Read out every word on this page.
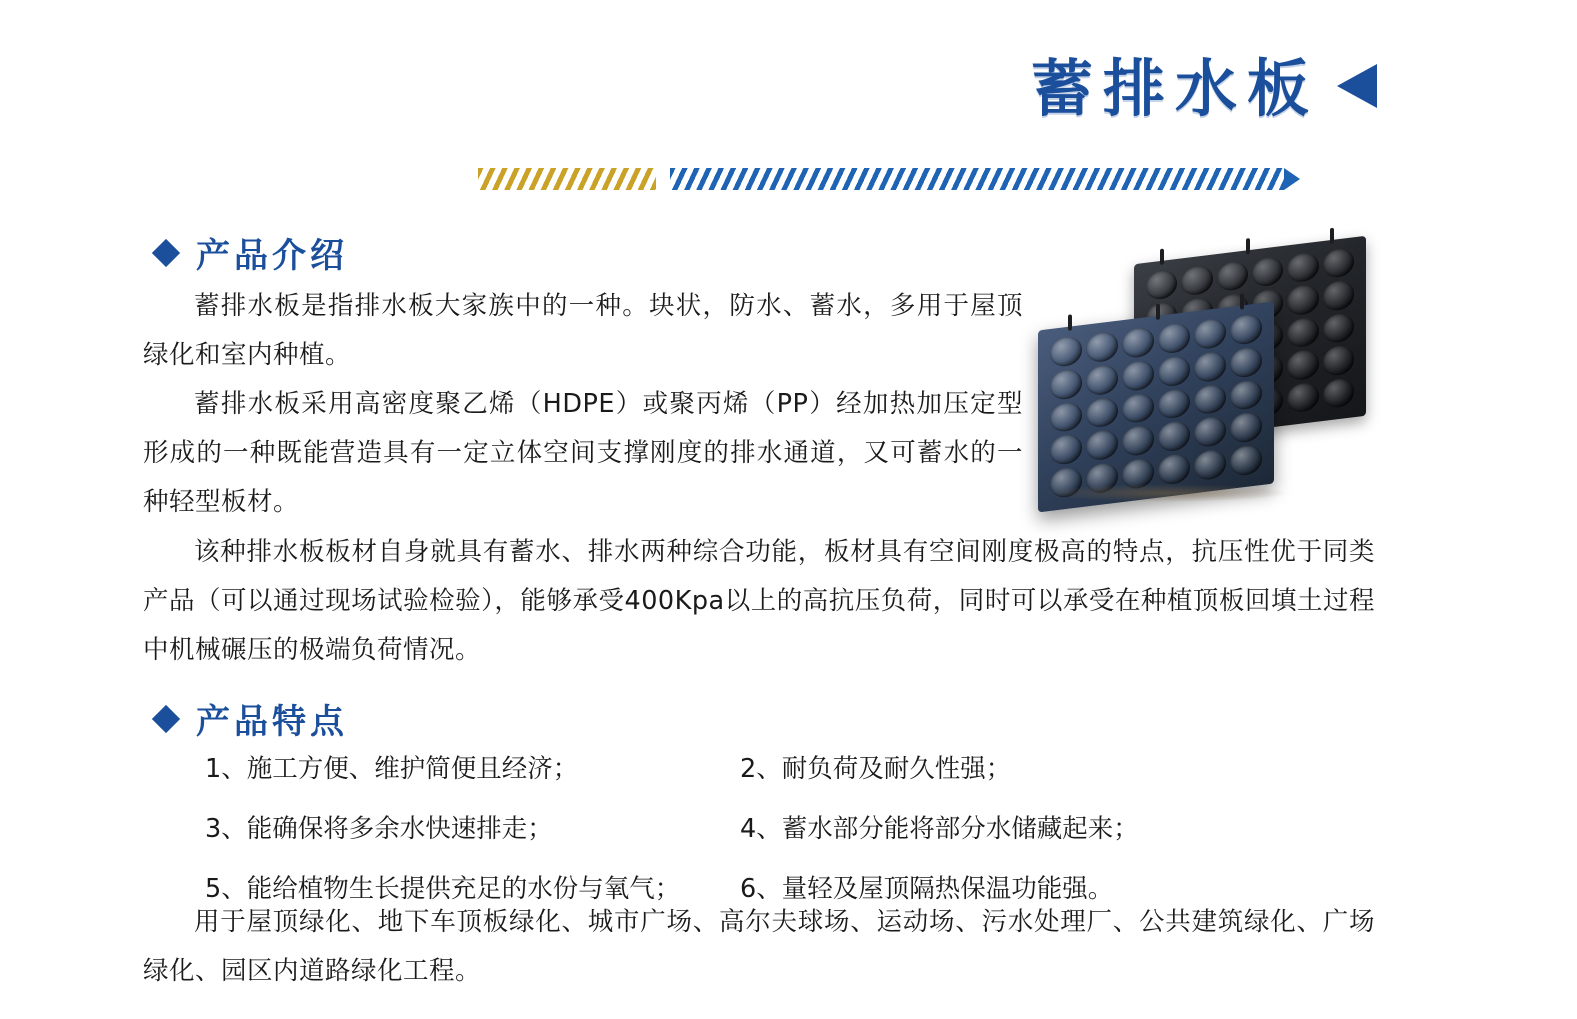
蓄排水板
产品介绍
蓄排水板是指排水板大家族中的一种。块状，防水、蓄水，多用于屋顶绿化和室内种植。
蓄排水板采用高密度聚乙烯（HDPE）或聚丙烯（PP）经加热加压定型形成的一种既能营造具有一定立体空间支撑刚度的排水通道，又可蓄水的一种轻型板材。
该种排水板板材自身就具有蓄水、排水两种综合功能，板材具有空间刚度极高的特点，抗压性优于同类产品（可以通过现场试验检验），能够承受400Kpa以上的高抗压负荷，同时可以承受在种植顶板回填土过程中机械碾压的极端负荷情况。
产品特点
1、施工方便、维护简便且经济；	2、耐负荷及耐久性强；
3、能确保将多余水快速排走；	4、蓄水部分能将部分水储藏起来；
5、能给植物生长提供充足的水份与氧气；	6、量轻及屋顶隔热保温功能强。
用于屋顶绿化、地下车顶板绿化、城市广场、高尔夫球场、运动场、污水处理厂、公共建筑绿化、广场绿化、园区内道路绿化工程。
